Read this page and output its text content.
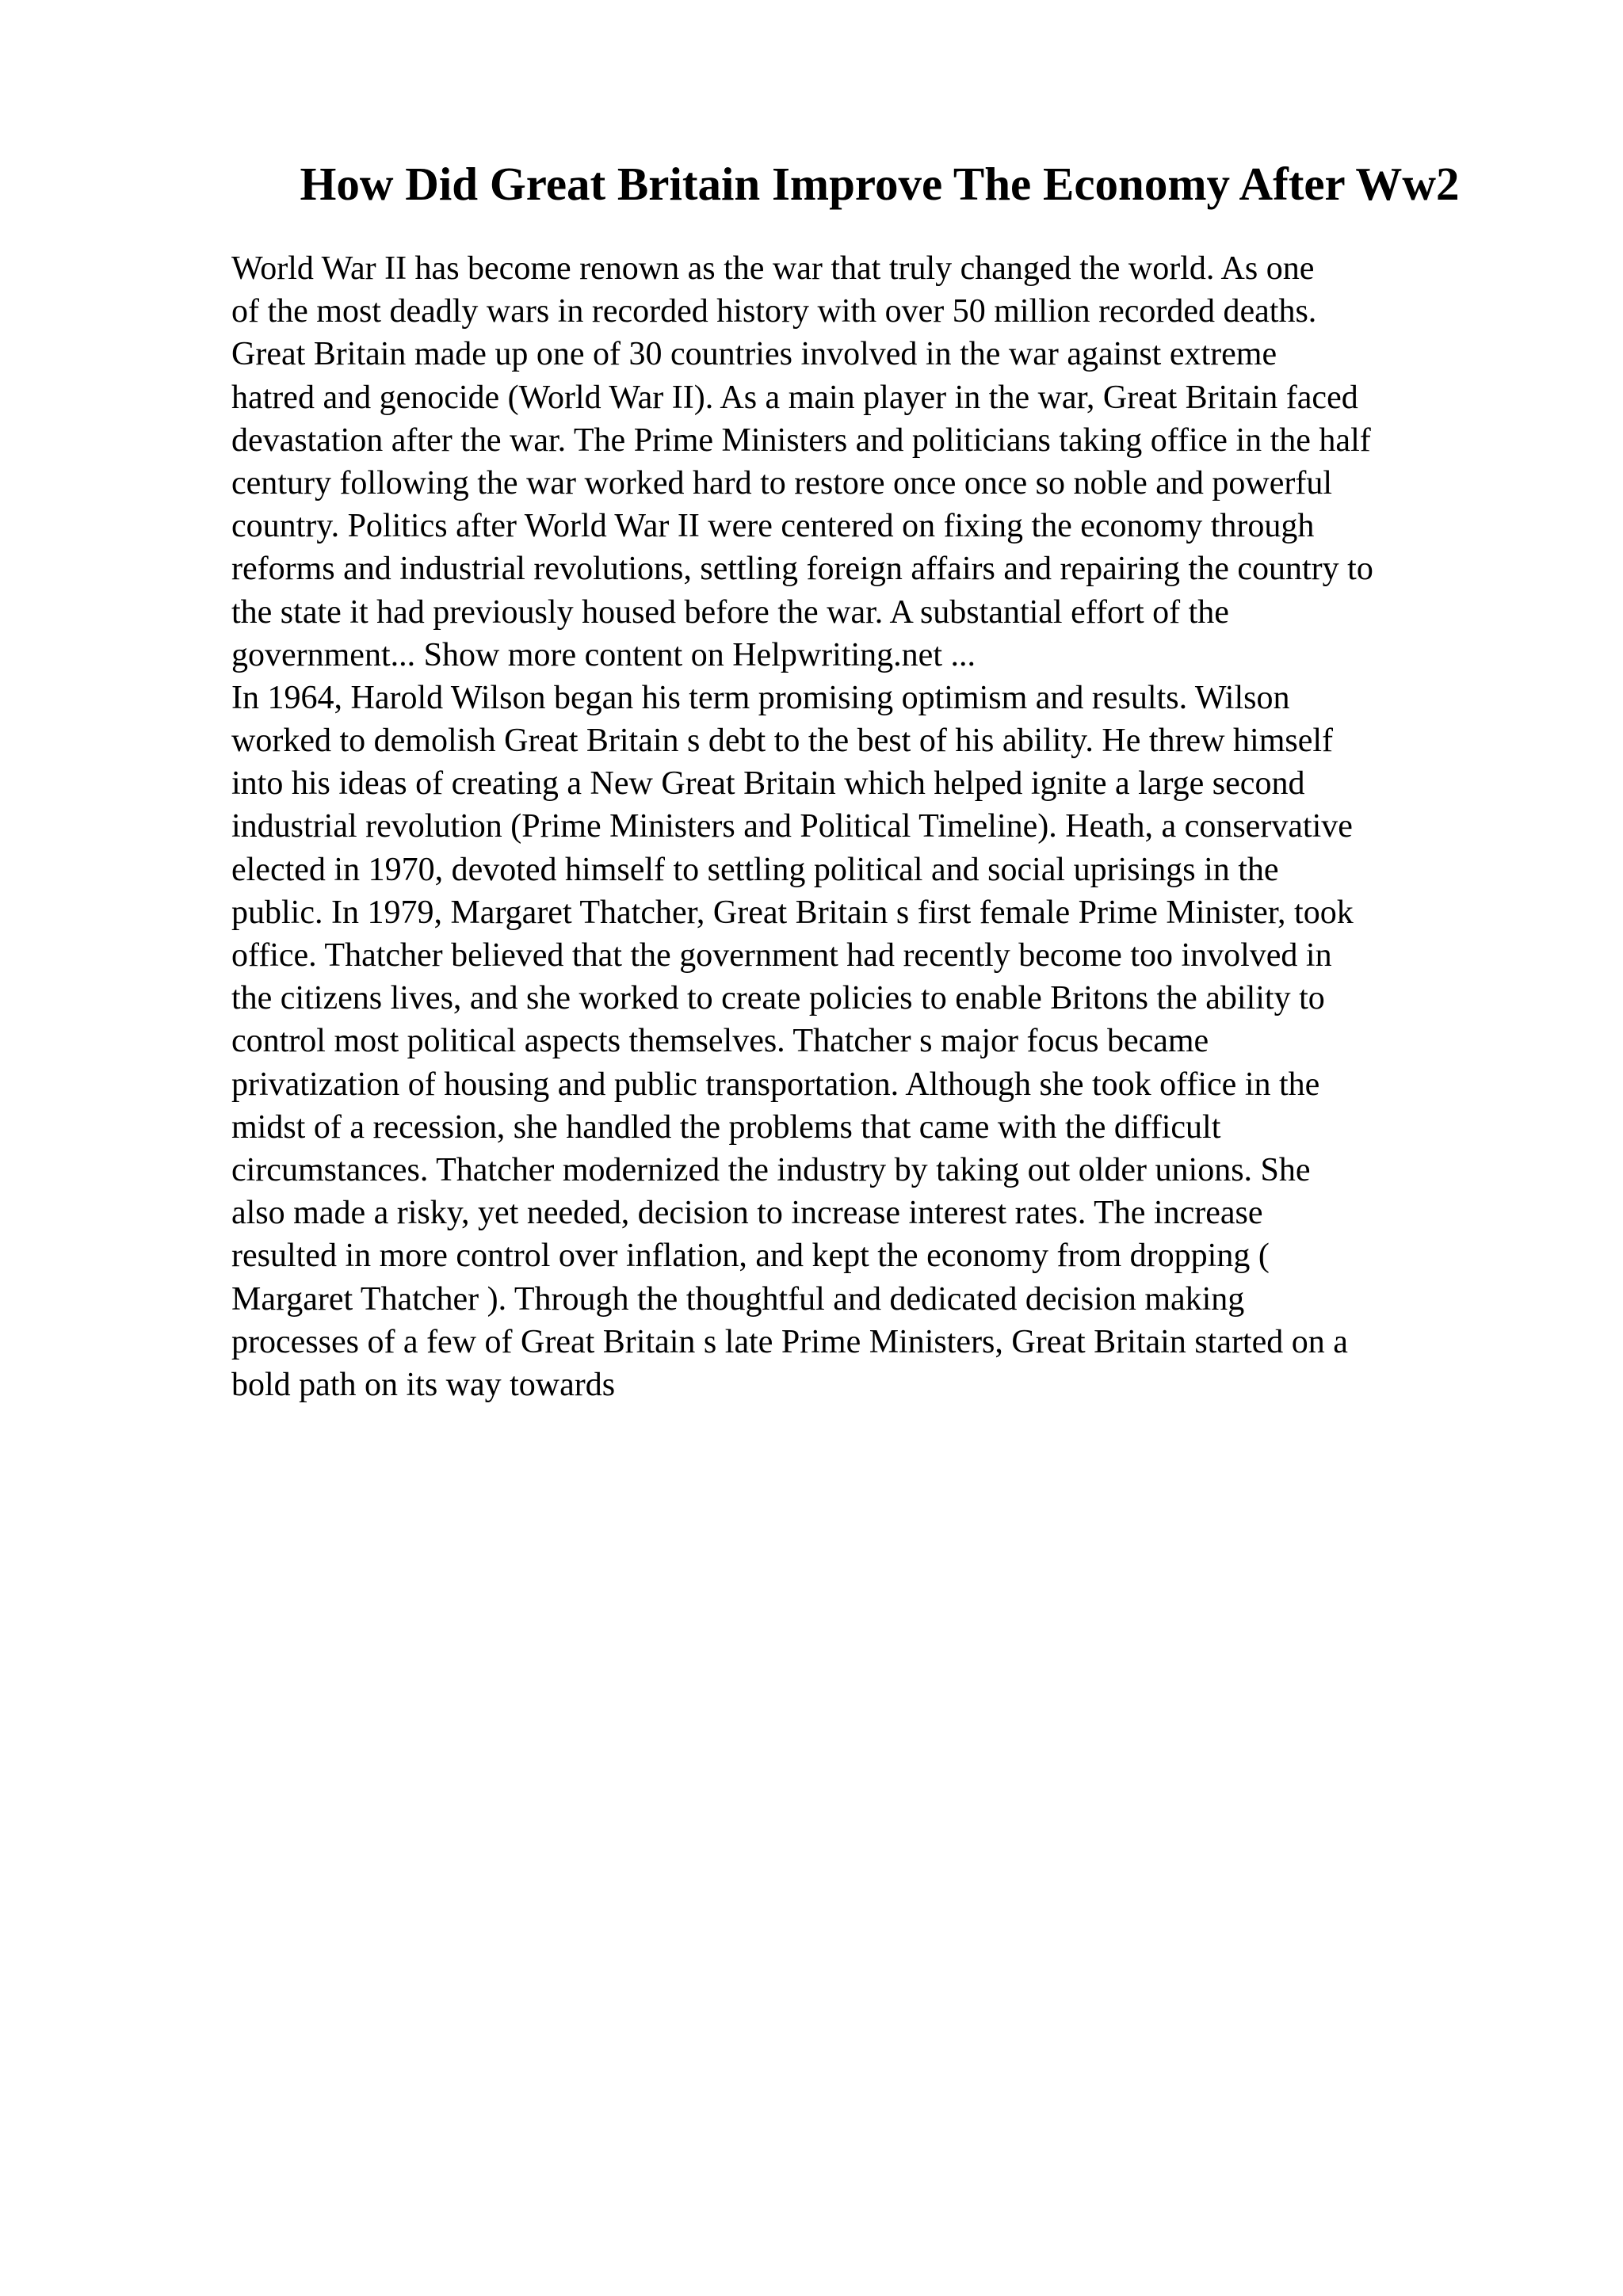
How Did Great Britain Improve The Economy After Ww2
World War II has become renown as the war that truly changed the world. As one
of the most deadly wars in recorded history with over 50 million recorded deaths.
Great Britain made up one of 30 countries involved in the war against extreme
hatred and genocide (World War II). As a main player in the war, Great Britain faced
devastation after the war. The Prime Ministers and politicians taking office in the half
century following the war worked hard to restore once once so noble and powerful
country. Politics after World War II were centered on fixing the economy through
reforms and industrial revolutions, settling foreign affairs and repairing the country to
the state it had previously housed before the war. A substantial effort of the
government... Show more content on Helpwriting.net ...
In 1964, Harold Wilson began his term promising optimism and results. Wilson
worked to demolish Great Britain s debt to the best of his ability. He threw himself
into his ideas of creating a New Great Britain which helped ignite a large second
industrial revolution (Prime Ministers and Political Timeline). Heath, a conservative
elected in 1970, devoted himself to settling political and social uprisings in the
public. In 1979, Margaret Thatcher, Great Britain s first female Prime Minister, took
office. Thatcher believed that the government had recently become too involved in
the citizens lives, and she worked to create policies to enable Britons the ability to
control most political aspects themselves. Thatcher s major focus became
privatization of housing and public transportation. Although she took office in the
midst of a recession, she handled the problems that came with the difficult
circumstances. Thatcher modernized the industry by taking out older unions. She
also made a risky, yet needed, decision to increase interest rates. The increase
resulted in more control over inflation, and kept the economy from dropping (
Margaret Thatcher ). Through the thoughtful and dedicated decision making
processes of a few of Great Britain s late Prime Ministers, Great Britain started on a
bold path on its way towards
